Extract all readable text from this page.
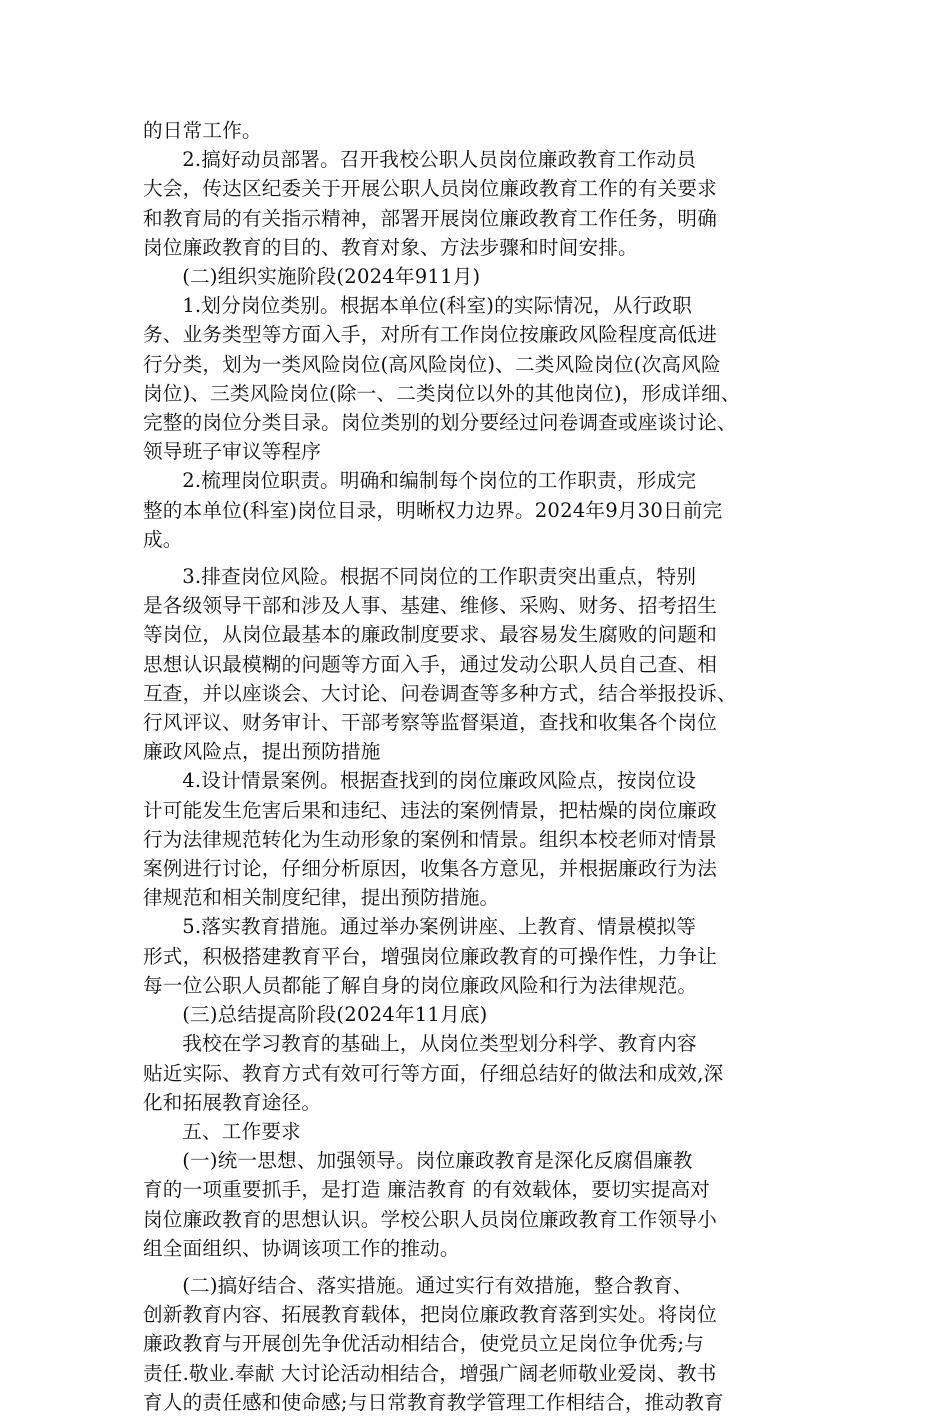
的日常工作。
2.搞好动员部署。召开我校公职人员岗位廉政教育工作动员
大会，传达区纪委关于开展公职人员岗位廉政教育工作的有关要求
和教育局的有关指示精神，部署开展岗位廉政教育工作任务，明确
岗位廉政教育的目的、教育对象、方法步骤和时间安排。
(二)组织实施阶段(2024年911月)
1.划分岗位类别。根据本单位(科室)的实际情况，从行政职
务、业务类型等方面入手，对所有工作岗位按廉政风险程度高低进
行分类，划为一类风险岗位(高风险岗位)、二类风险岗位(次高风险
岗位)、三类风险岗位(除一、二类岗位以外的其他岗位)，形成详细、
完整的岗位分类目录。岗位类别的划分要经过问卷调查或座谈讨论、
领导班子审议等程序
2.梳理岗位职责。明确和编制每个岗位的工作职责，形成完
整的本单位(科室)岗位目录，明晰权力边界。2024年9月30日前完
成。
3.排查岗位风险。根据不同岗位的工作职责突出重点，特别
是各级领导干部和涉及人事、基建、维修、采购、财务、招考招生
等岗位，从岗位最基本的廉政制度要求、最容易发生腐败的问题和
思想认识最模糊的问题等方面入手，通过发动公职人员自己查、相
互查，并以座谈会、大讨论、问卷调查等多种方式，结合举报投诉、
行风评议、财务审计、干部考察等监督渠道，查找和收集各个岗位
廉政风险点，提出预防措施
4.设计情景案例。根据查找到的岗位廉政风险点，按岗位设
计可能发生危害后果和违纪、违法的案例情景，把枯燥的岗位廉政
行为法律规范转化为生动形象的案例和情景。组织本校老师对情景
案例进行讨论，仔细分析原因，收集各方意见，并根据廉政行为法
律规范和相关制度纪律，提出预防措施。
5.落实教育措施。通过举办案例讲座、上教育、情景模拟等
形式，积极搭建教育平台，增强岗位廉政教育的可操作性，力争让
每一位公职人员都能了解自身的岗位廉政风险和行为法律规范。
(三)总结提高阶段(2024年11月底)
我校在学习教育的基础上，从岗位类型划分科学、教育内容
贴近实际、教育方式有效可行等方面，仔细总结好的做法和成效,深
化和拓展教育途径。
五、工作要求
(一)统一思想、加强领导。岗位廉政教育是深化反腐倡廉教
育的一项重要抓手，是打造 廉洁教育 的有效载体，要切实提高对
岗位廉政教育的思想认识。学校公职人员岗位廉政教育工作领导小
组全面组织、协调该项工作的推动。
(二)搞好结合、落实措施。通过实行有效措施，整合教育、
创新教育内容、拓展教育载体，把岗位廉政教育落到实处。将岗位
廉政教育与开展创先争优活动相结合，使党员立足岗位争优秀;与
责任.敬业.奉献 大讨论活动相结合，增强广阔老师敬业爱岗、教书
育人的责任感和使命感;与日常教育教学管理工作相结合，推动教育
